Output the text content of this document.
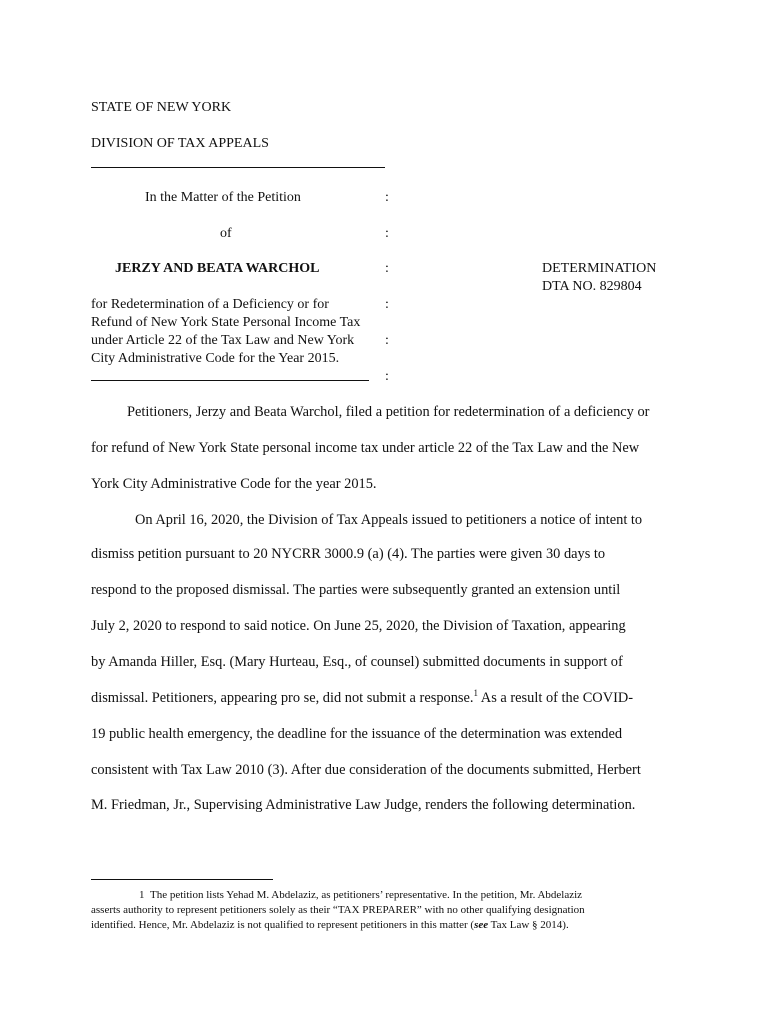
STATE OF NEW YORK
DIVISION OF TAX APPEALS
In the Matter of the Petition
of
JERZY AND BEATA WARCHOL
for Redetermination of a Deficiency or for
Refund of New York State Personal Income Tax
under Article 22 of the Tax Law and New York
City Administrative Code for the Year 2015.
:
:
:
:
:
:
DETERMINATION
DTA NO. 829804
Petitioners, Jerzy and Beata Warchol, filed a petition for redetermination of a deficiency or
for refund of New York State personal income tax under article 22 of the Tax Law and the New
York City Administrative Code for the year 2015.
On April 16, 2020, the Division of Tax Appeals issued to petitioners a notice of intent to
dismiss petition pursuant to 20 NYCRR 3000.9 (a) (4). The parties were given 30 days to
respond to the proposed dismissal. The parties were subsequently granted an extension until
July 2, 2020 to respond to said notice. On June 25, 2020, the Division of Taxation, appearing
by Amanda Hiller, Esq. (Mary Hurteau, Esq., of counsel) submitted documents in support of
dismissal. Petitioners, appearing pro se, did not submit a response.$^1$ As a result of the COVID-
19 public health emergency, the deadline for the issuance of the determination was extended
consistent with Tax Law 2010 (3). After due consideration of the documents submitted, Herbert
M. Friedman, Jr., Supervising Administrative Law Judge, renders the following determination.
1 The petition lists Yehad M. Abdelaziz, as petitioners’ representative. In the petition, Mr. Abdelaziz
asserts authority to represent petitioners solely as their “TAX PREPARER” with no other qualifying designation
identified. Hence, Mr. Abdelaziz is not qualified to represent petitioners in this matter (see Tax Law § 2014).
